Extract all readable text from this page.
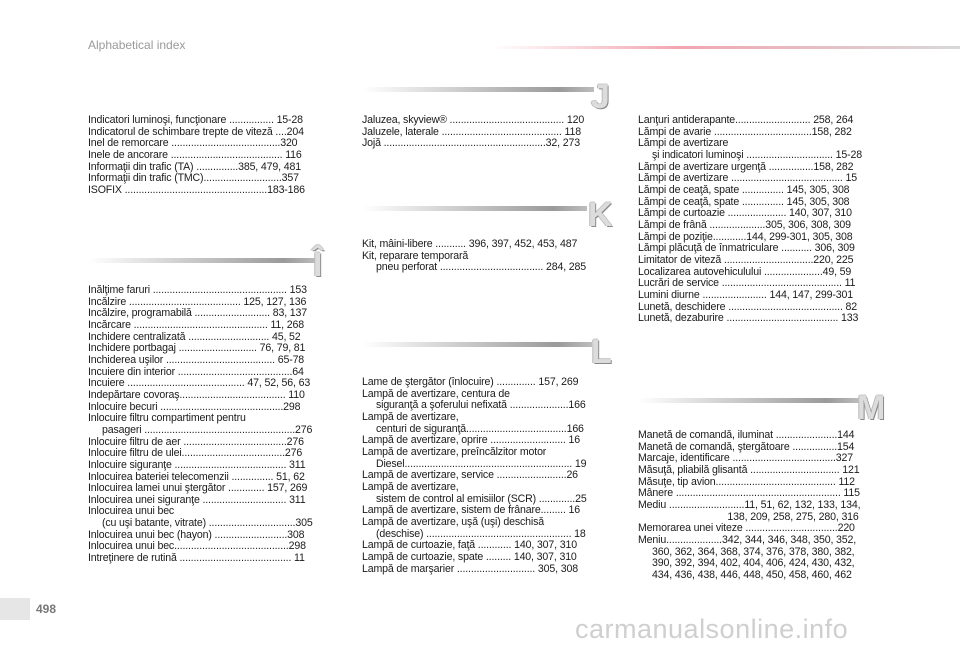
Alphabetical index
Indicatori luminoşi, funcţionare ................ 15-28
Indicatorul de schimbare trepte de viteză ....204
Inel de remorcare .......................................320
Inele de ancorare ........................................ 116
Informaţii din trafic (TA) ...............385, 479, 481
Informaţii din trafic (TMC)............................357
ISOFIX ...................................................183-186
Î
Înălţime faruri ................................................ 153
Încălzire ........................................ 125, 127, 136
Încălzire, programabilă ........................... 83, 137
Încărcare ................................................ 11, 268
Închidere centralizată ............................. 45, 52
Închidere portbagaj ............................ 76, 79, 81
Închiderea uşilor ....................................... 65-78
Încuiere din interior .........................................64
Încuiere .......................................... 47, 52, 56, 63
Îndepărtare covoraş...................................... 110
Înlocuire becuri ............................................298
Înlocuire filtru compartiment pentru
pasageri ......................................................276
Înlocuire filtru de aer .....................................276
Înlocuire filtru de ulei.....................................276
Înlocuire siguranţe ........................................ 311
Înlocuirea bateriei telecomenzii ............... 51, 62
Înlocuirea lamei unui ştergător ............. 157, 269
Înlocuirea unei siguranţe .............................. 311
Înlocuirea unui bec
(cu uşi batante, vitrate) ...............................305
Înlocuirea unui bec (hayon) ..........................308
Înlocuirea unui bec.........................................298
Întreţinere de rutină ........................................ 11
J
Jaluzea, skyview® ......................................... 120
Jaluzele, laterale ........................................... 118
Jojă ..........................................................32, 273
K
Kit, mâini-libere ........... 396, 397, 452, 453, 487
Kit, reparare temporară
pneu perforat ..................................... 284, 285
L
Lame de ştergător (înlocuire) .............. 157, 269
Lampă de avertizare, centura de
siguranţă a şoferului nefixată .....................166
Lampă de avertizare,
centuri de siguranţă....................................166
Lampă de avertizare, oprire ........................... 16
Lampă de avertizare, preîncălzitor motor
Diesel............................................................ 19
Lampă de avertizare, service .........................26
Lampă de avertizare,
sistem de control al emisiilor (SCR) .............25
Lampă de avertizare, sistem de frânare......... 16
Lampă de avertizare, uşă (uşi) deschisă
(deschise) .................................................... 18
Lampă de curtoazie, faţă ............ 140, 307, 310
Lampă de curtoazie, spate ......... 140, 307, 310
Lampă de marşarier ............................ 305, 308
Lanţuri antiderapante........................... 258, 264
Lămpi de avarie ...................................158, 282
Lămpi de avertizare
şi indicatori luminoşi ............................... 15-28
Lămpi de avertizare urgenţă ................158, 282
Lămpi de avertizare ........................................ 15
Lămpi de ceaţă, spate ............... 145, 305, 308
Lămpi de ceaţă, spate ............... 145, 305, 308
Lămpi de curtoazie ..................... 140, 307, 310
Lămpi de frână ....................305, 306, 308, 309
Lămpi de poziţie............144, 299-301, 305, 308
Lămpi plăcuţă de înmatriculare ........... 306, 309
Limitator de viteză ................................220, 225
Localizarea autovehiculului .....................49, 59
Lucrări de service ........................................... 11
Lumini diurne ....................... 144, 147, 299-301
Lunetă, deschidere ......................................... 82
Lunetă, dezaburire ........................................ 133
M
Manetă de comandă, iluminat ......................144
Manetă de comandă, ştergătoare ................154
Marcaje, identificare .....................................327
Măsuţă, pliabilă glisantă ................................ 121
Măsuţe, tip avion........................................... 112
Mânere ........................................................... 115
Mediu ...........................11, 51, 62, 132, 133, 134,
138, 209, 258, 275, 280, 316
Memorarea unei viteze .................................220
Meniu....................342, 344, 346, 348, 350, 352,
360, 362, 364, 368, 374, 376, 378, 380, 382,
390, 392, 394, 402, 404, 406, 424, 430, 432,
434, 436, 438, 446, 448, 450, 458, 460, 462
498
carmanualsonline.info
